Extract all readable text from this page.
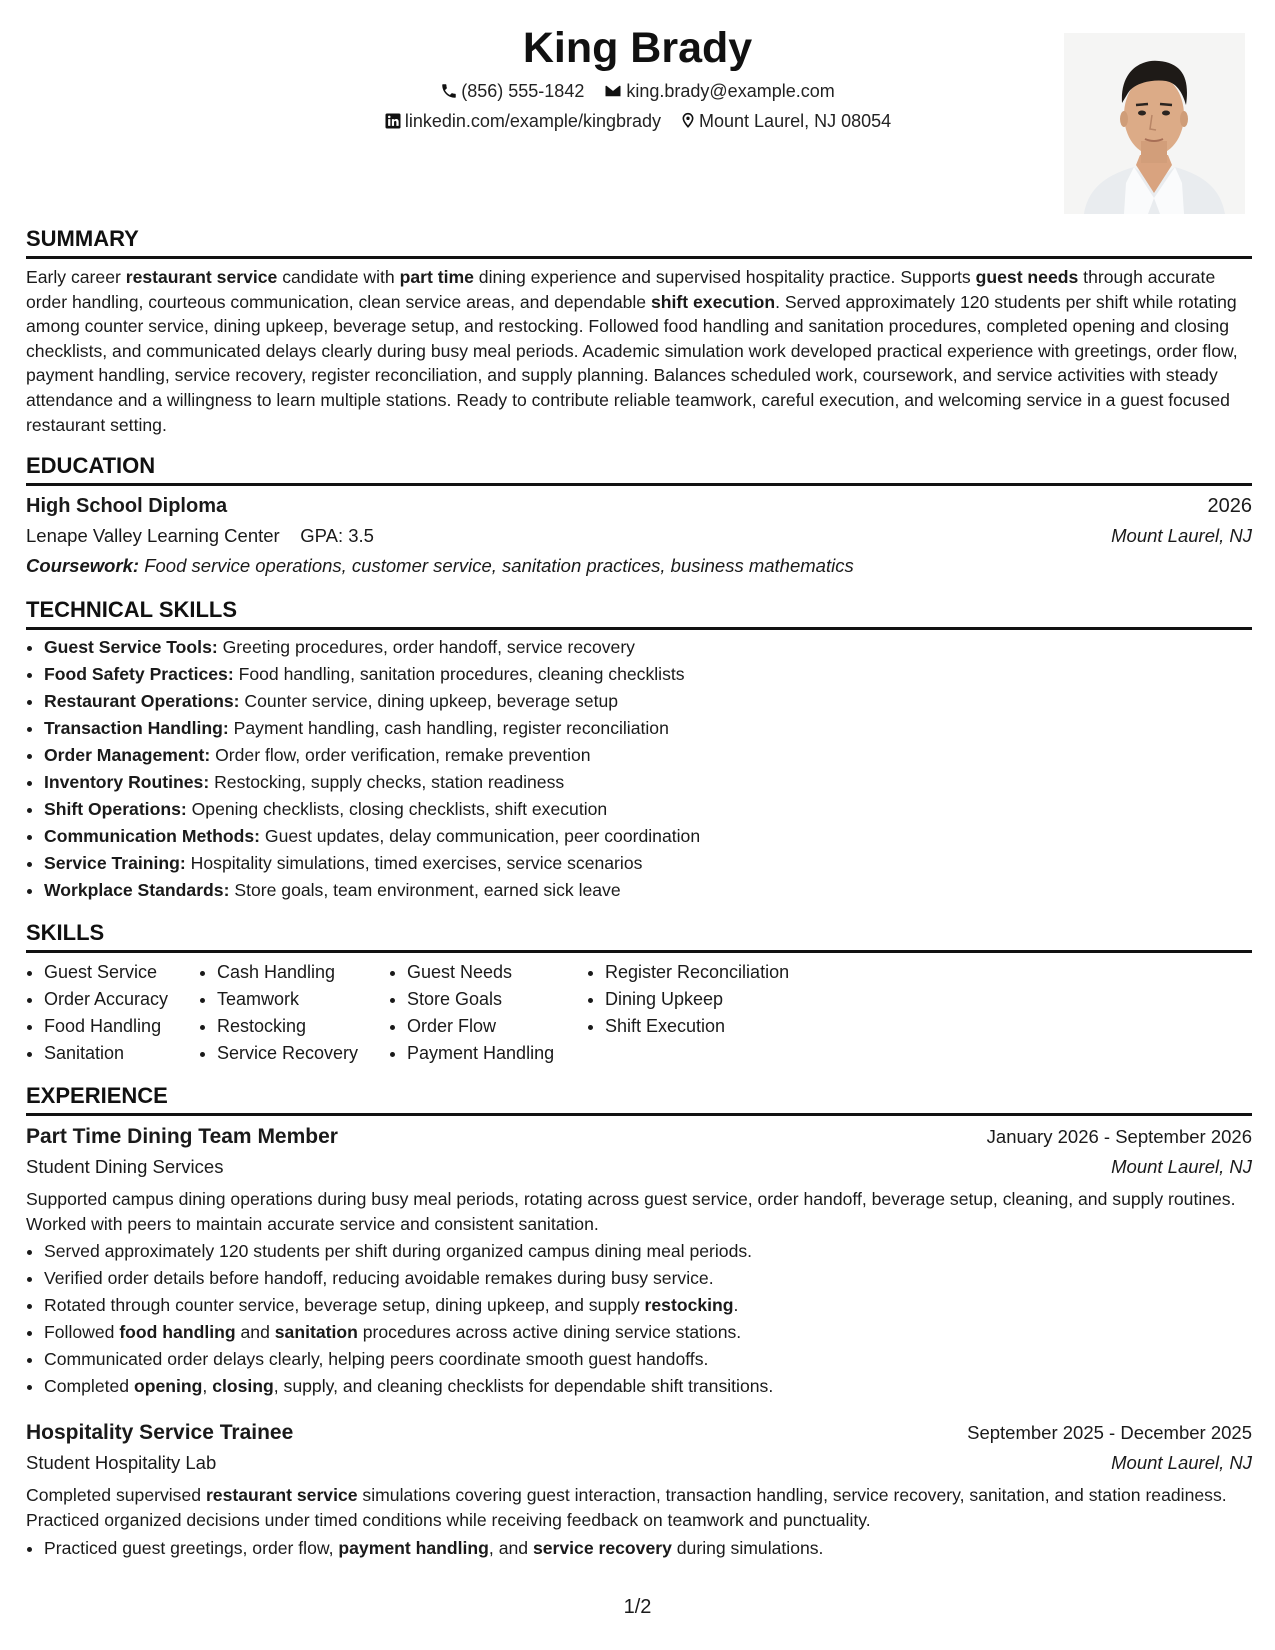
King Brady
(856) 555-1842 king.brady@example.com
linkedin.com/example/kingbrady Mount Laurel, NJ 08054
SUMMARY

Early career restaurant service candidate with part time dining experience and supervised hospitality practice. Supports guest needs through accurate order handling, courteous communication, clean service areas, and dependable shift execution. Served approximately 120 students per shift while rotating among counter service, dining upkeep, beverage setup, and restocking. Followed food handling and sanitation procedures, completed opening and closing checklists, and communicated delays clearly during busy meal periods. Academic simulation work developed practical experience with greetings, order flow, payment handling, service recovery, register reconciliation, and supply planning. Balances scheduled work, coursework, and service activities with steady attendance and a willingness to learn multiple stations. Ready to contribute reliable teamwork, careful execution, and welcoming service in a guest focused restaurant setting.

EDUCATION
High School Diploma	2026
Lenape Valley Learning Center GPA: 3.5	Mount Laurel, NJ
Coursework: Food service operations, customer service, sanitation practices, business mathematics
TECHNICAL SKILLS
• Guest Service Tools: Greeting procedures, order handoff, service recovery
• Food Safety Practices: Food handling, sanitation procedures, cleaning checklists
• Restaurant Operations: Counter service, dining upkeep, beverage setup
• Transaction Handling: Payment handling, cash handling, register reconciliation
• Order Management: Order flow, order verification, remake prevention
• Inventory Routines: Restocking, supply checks, station readiness
• Shift Operations: Opening checklists, closing checklists, shift execution
• Communication Methods: Guest updates, delay communication, peer coordination
• Service Training: Hospitality simulations, timed exercises, service scenarios
• Workplace Standards: Store goals, team environment, earned sick leave
SKILLS
• Guest Service
• Order Accuracy
• Food Handling
• Sanitation
• Cash Handling
• Teamwork
• Restocking
• Service Recovery
• Guest Needs
• Store Goals
• Order Flow
• Payment Handling
• Register Reconciliation
• Dining Upkeep
• Shift Execution
EXPERIENCE
Part Time Dining Team Member	January 2026 - September 2026
Student Dining Services	Mount Laurel, NJ

Supported campus dining operations during busy meal periods, rotating across guest service, order handoff, beverage setup, cleaning, and supply routines. Worked with peers to maintain accurate service and consistent sanitation.

• Served approximately 120 students per shift during organized campus dining meal periods.
• Verified order details before handoff, reducing avoidable remakes during busy service.
• Rotated through counter service, beverage setup, dining upkeep, and supply restocking.
• Followed food handling and sanitation procedures across active dining service stations.
• Communicated order delays clearly, helping peers coordinate smooth guest handoffs.
• Completed opening, closing, supply, and cleaning checklists for dependable shift transitions.
Hospitality Service Trainee	September 2025 - December 2025
Student Hospitality Lab	Mount Laurel, NJ

Completed supervised restaurant service simulations covering guest interaction, transaction handling, service recovery, sanitation, and station readiness. Practiced organized decisions under timed conditions while receiving feedback on teamwork and punctuality.

• Practiced guest greetings, order flow, payment handling, and service recovery during simulations.
1/2
